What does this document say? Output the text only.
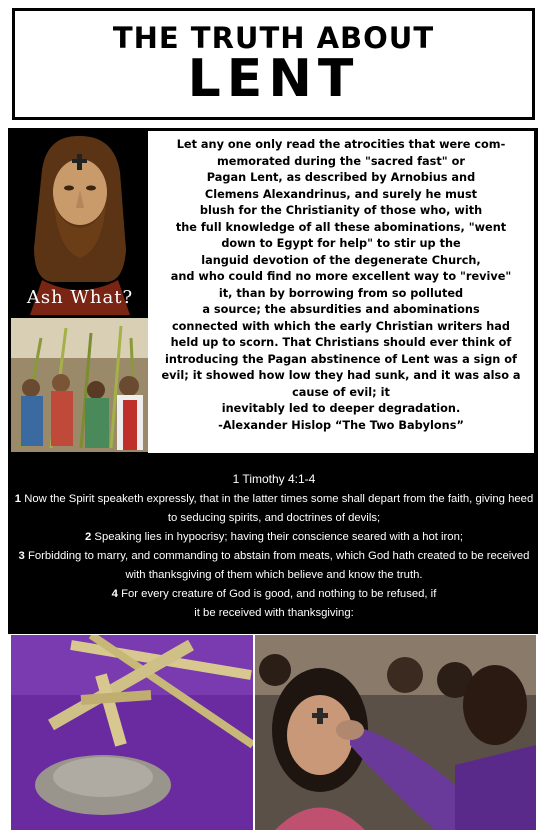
THE TRUTH ABOUT
LENT
Ash What?
Let any one only read the atrocities that were com-
memorated during the "sacred fast" or
Pagan Lent, as described by Arnobius and
Clemens Alexandrinus, and surely he must
blush for the Christianity of those who, with
the full knowledge of all these abominations, "went
down to Egypt for help" to stir up the
languid devotion of the degenerate Church,
and who could find no more excellent way to "revive"
it, than by borrowing from so polluted
a source; the absurdities and abominations
connected with which the early Christian writers had
held up to scorn. That Christians should ever think of
introducing the Pagan abstinence of Lent was a sign of
evil; it showed how low they had sunk, and it was also a
cause of evil; it
inevitably led to deeper degradation.
-Alexander Hislop “The Two Babylons”
1 Timothy 4:1-4
1 Now the Spirit speaketh expressly, that in the latter times some shall depart from the faith, giving heed to seducing spirits, and doctrines of devils;
2 Speaking lies in hypocrisy; having their conscience seared with a hot iron;
3 Forbidding to marry, and commanding to abstain from meats, which God hath created to be received with thanksgiving of them which believe and know the truth.
4 For every creature of God is good, and nothing to be refused, if it be received with thanksgiving:
